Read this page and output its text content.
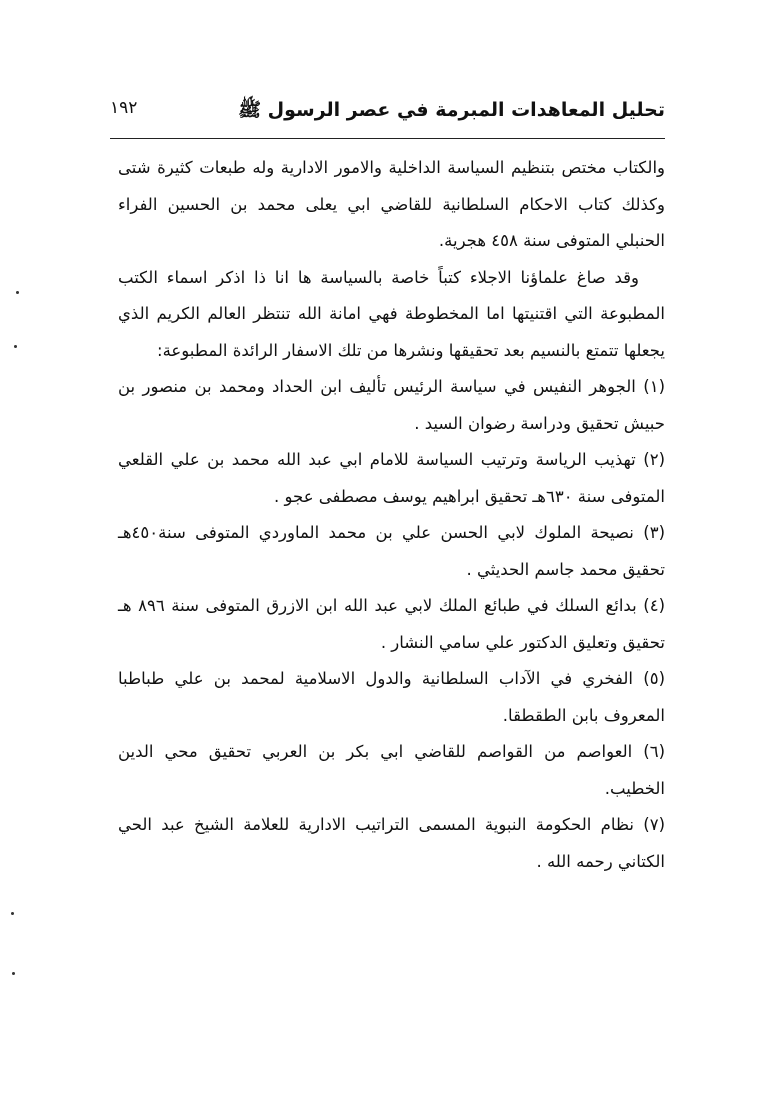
تحليل المعاهدات المبرمة في عصر الرسول ﷺ
١٩٢

والكتاب مختص بتنظيم السياسة الداخلية والامور الادارية وله طبعات كثيرة شتى وكذلك كتاب الاحكام السلطانية للقاضي ابي يعلى محمد بن الحسين الفراء الحنبلي المتوفى سنة ٤٥٨ هجرية.

وقد صاغ علماؤنا الاجلاء كتباً خاصة بالسياسة ها انا ذا اذكر اسماء الكتب المطبوعة التي اقتنيتها اما المخطوطة فهي امانة الله تنتظر العالم الكريم الذي يجعلها تتمتع بالنسيم بعد تحقيقها ونشرها من تلك الاسفار الرائدة المطبوعة:

(١) الجوهر النفيس في سياسة الرئيس تأليف ابن الحداد ومحمد بن منصور بن حبيش تحقيق ودراسة رضوان السيد .

(٢) تهذيب الرياسة وترتيب السياسة للامام ابي عبد الله محمد بن علي القلعي المتوفى سنة ٦٣٠هـ تحقيق ابراهيم يوسف مصطفى عجو .

(٣) نصيحة الملوك لابي الحسن علي بن محمد الماوردي المتوفى سنة٤٥٠هـ تحقيق محمد جاسم الحديثي .

(٤) بدائع السلك في طبائع الملك لابي عبد الله ابن الازرق المتوفى سنة ٨٩٦ هـ تحقيق وتعليق الدكتور علي سامي النشار .

(٥) الفخري في الآداب السلطانية والدول الاسلامية لمحمد بن علي طباطبا المعروف بابن الطقطقا.

(٦) العواصم من القواصم للقاضي ابي بكر بن العربي تحقيق محي الدين الخطيب.

(٧) نظام الحكومة النبوية المسمى التراتيب الادارية للعلامة الشيخ عبد الحي الكتاني رحمه الله .
